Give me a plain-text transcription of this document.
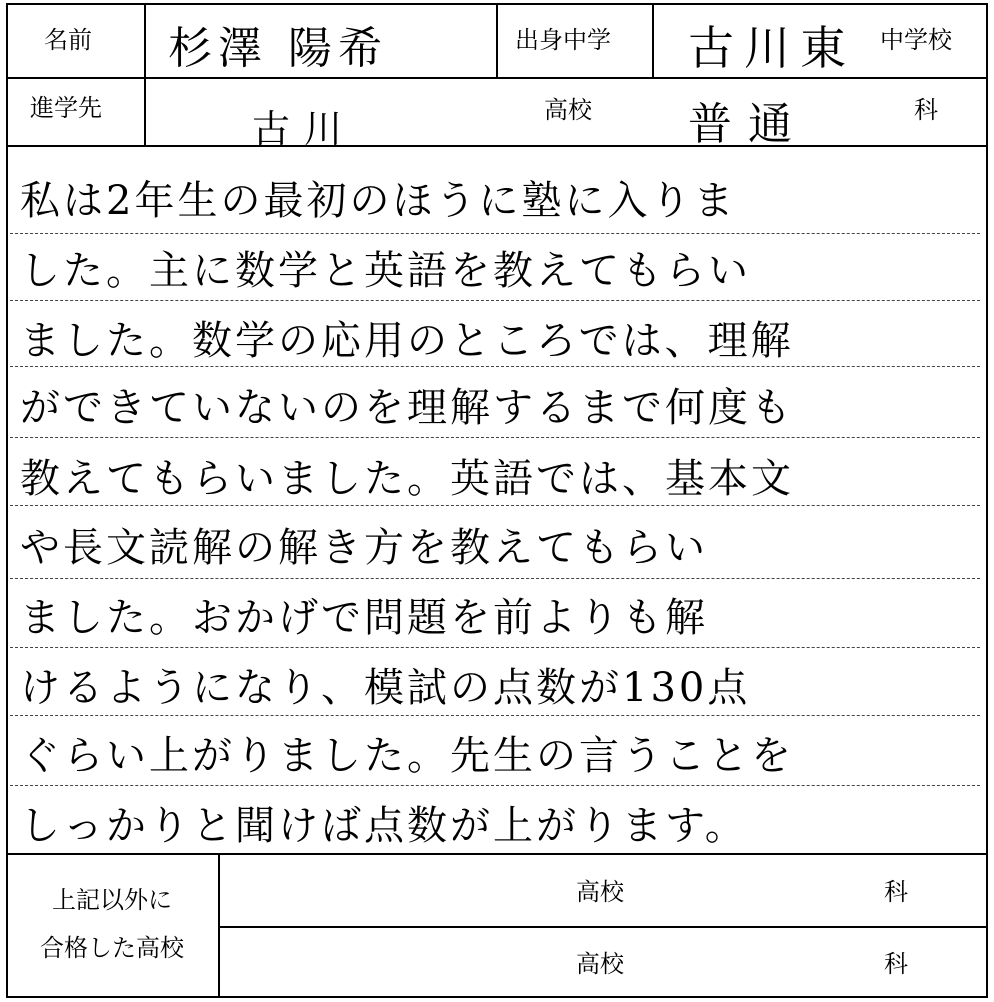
名前 杉澤 陽希	出身中学 古川東 中学校
進学先	古川	高校 普通	科
私は2年生の最初のほうに塾に入りま
した。主に数学と英語を教えてもらい
ました。数学の応用のところでは、理解
ができていないのを理解するまで何度も
教えてもらいました。英語では、基本文
や長文読解の解き方を教えてもらい
ました。おかげで問題を前よりも解
けるようになり、模試の点数が130点
ぐらい上がりました。先生の言うことを
しっかりと聞けば点数が上がります。
上記以外に
合格した高校
高校	科
高校	科
